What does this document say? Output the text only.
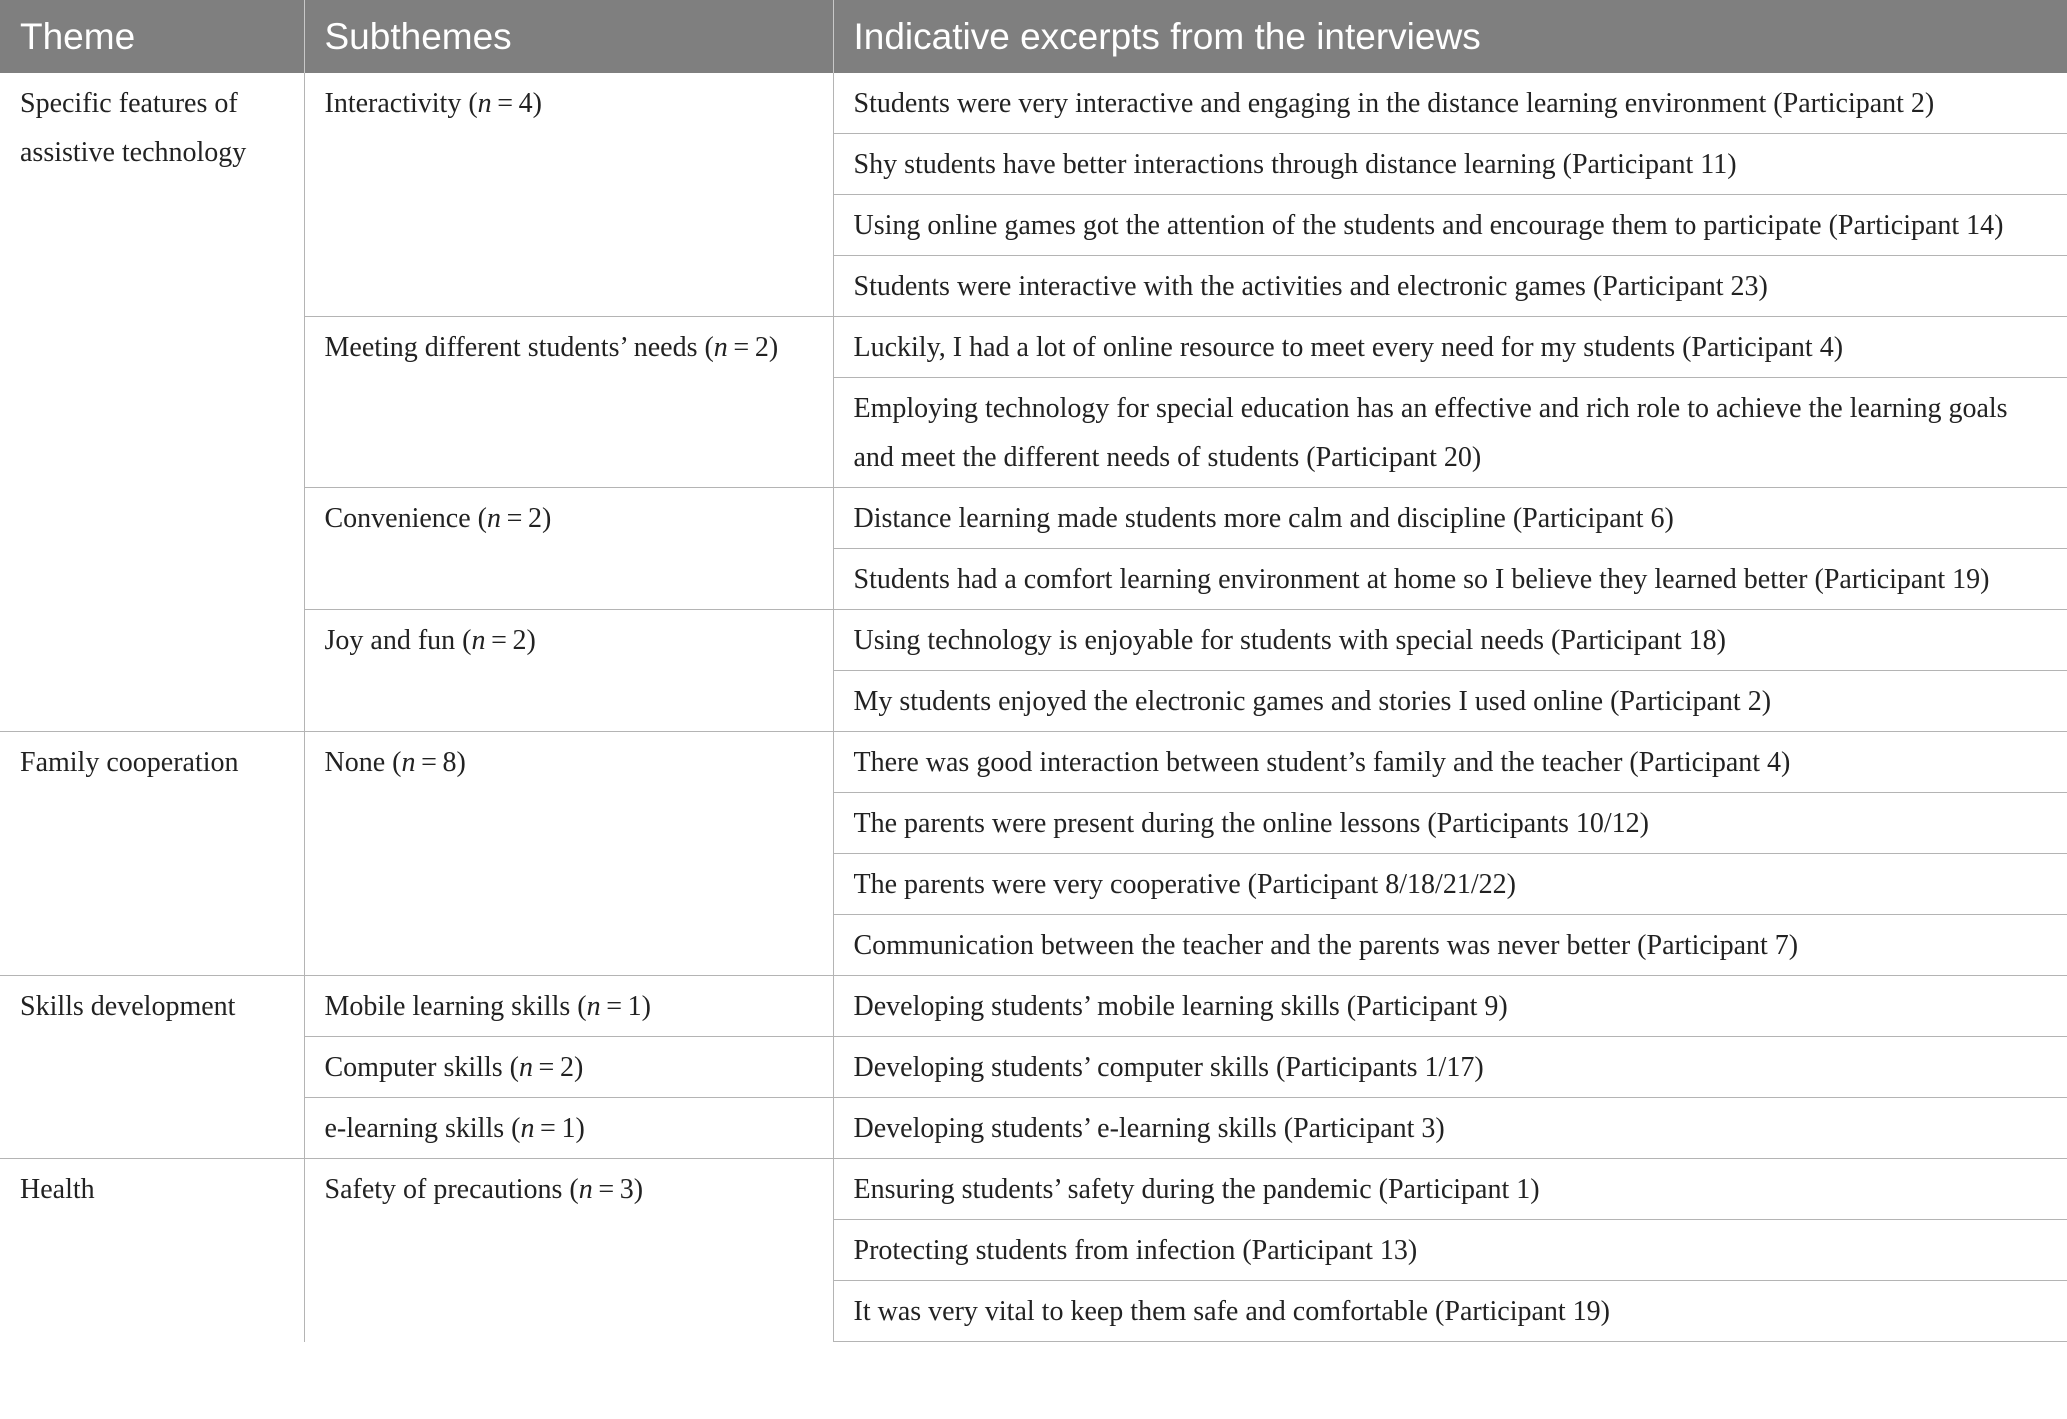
Theme	Subthemes	Indicative excerpts from the interviews
Specific features of assistive technology	Interactivity (n = 4)	Students were very interactive and engaging in the distance learning environment (Participant 2)
		Shy students have better interactions through distance learning (Participant 11)
		Using online games got the attention of the students and encourage them to participate (Participant 14)
		Students were interactive with the activities and electronic games (Participant 23)
	Meeting different students’ needs (n = 2)	Luckily, I had a lot of online resource to meet every need for my students (Participant 4)
		Employing technology for special education has an effective and rich role to achieve the learning goals and meet the different needs of students (Participant 20)
	Convenience (n = 2)	Distance learning made students more calm and discipline (Participant 6)
		Students had a comfort learning environment at home so I believe they learned better (Participant 19)
	Joy and fun (n = 2)	Using technology is enjoyable for students with special needs (Participant 18)
		My students enjoyed the electronic games and stories I used online (Participant 2)
Family cooperation	None (n = 8)	There was good interaction between student’s family and the teacher (Participant 4)
		The parents were present during the online lessons (Participants 10/12)
		The parents were very cooperative (Participant 8/18/21/22)
		Communication between the teacher and the parents was never better (Participant 7)
Skills development	Mobile learning skills (n = 1)	Developing students’ mobile learning skills (Participant 9)
	Computer skills (n = 2)	Developing students’ computer skills (Participants 1/17)
	e-learning skills (n = 1)	Developing students’ e-learning skills (Participant 3)
Health	Safety of precautions (n = 3)	Ensuring students’ safety during the pandemic (Participant 1)
		Protecting students from infection (Participant 13)
		It was very vital to keep them safe and comfortable (Participant 19)
